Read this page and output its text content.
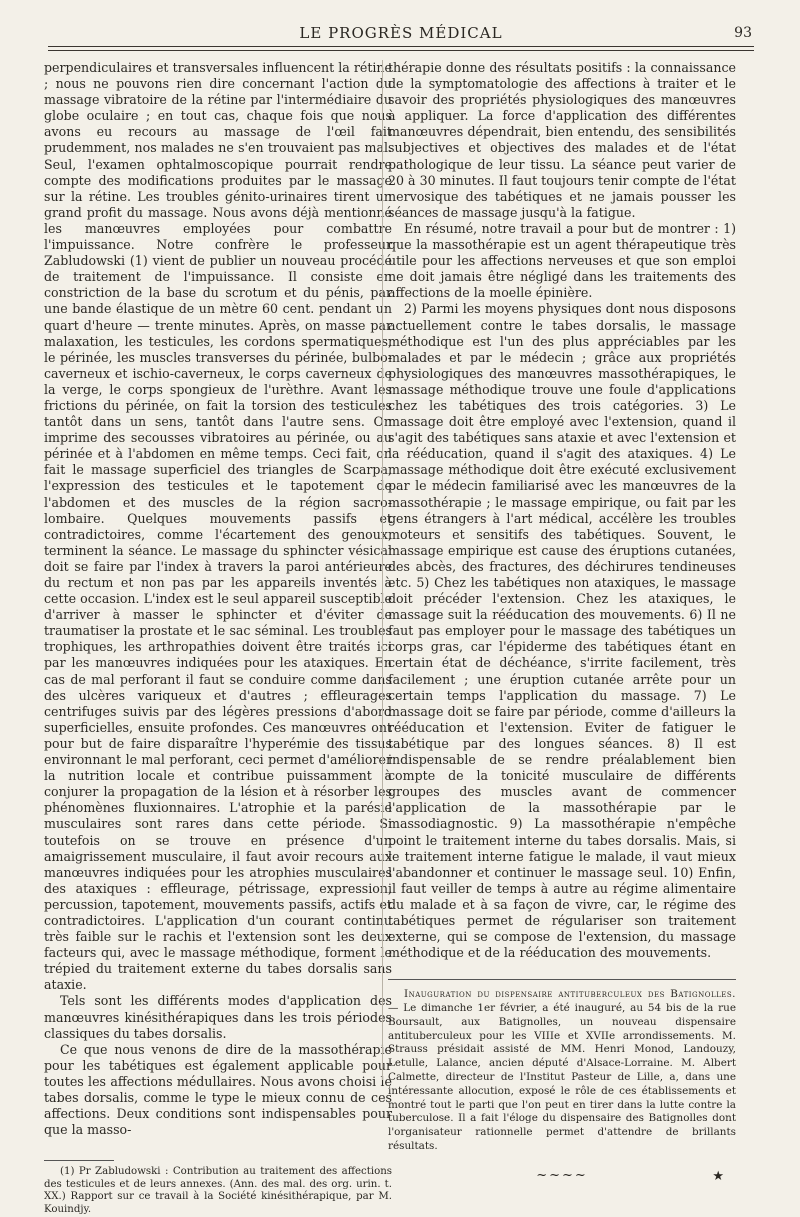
LE PROGRÈS MÉDICAL	93

perpendiculaires et transversales influencent la rétine ; nous ne pouvons rien dire concernant l'action du massage vibratoire de la rétine par l'intermédiaire du globe oculaire ; en tout cas, chaque fois que nous avons eu recours au massage de l'œil fait prudemment, nos malades ne s'en trouvaient pas mal. Seul, l'examen ophtalmoscopique pourrait rendre compte des modifications produites par le massage sur la rétine. Les troubles génito-urinaires tirent un grand profit du massage. Nous avons déjà mentionné les manœuvres employées pour combattre l'impuissance. Notre confrère le professeur Zabludowski (1) vient de publier un nouveau procédé de traitement de l'impuissance. Il consiste en constriction de la base du scrotum et du pénis, par une bande élastique de un mètre 60 cent. pendant un quart d'heure — trente minutes. Après, on masse par malaxation, les testicules, les cordons spermatiques, le périnée, les muscles transverses du périnée, bulbo-caverneux et ischio-caverneux, le corps caverneux de la verge, le corps spongieux de l'urèthre. Avant les frictions du périnée, on fait la torsion des testicules tantôt dans un sens, tantôt dans l'autre sens. On imprime des secousses vibratoires au périnée, ou au périnée et à l'abdomen en même temps. Ceci fait, on fait le massage superficiel des triangles de Scarpa, l'expression des testicules et le tapotement de l'abdomen et des muscles de la région sacro-lombaire. Quelques mouvements passifs et contradictoires, comme l'écartement des genoux, terminent la séance. Le massage du sphincter vésical doit se faire par l'index à travers la paroi antérieure du rectum et non pas par les appareils inventés à cette occasion. L'index est le seul appareil susceptible d'arriver à masser le sphincter et d'éviter de traumatiser la prostate et le sac séminal. Les troubles trophiques, les arthropathies doivent être traités ici par les manœuvres indiquées pour les ataxiques. En cas de mal perforant il faut se conduire comme dans des ulcères variqueux et d'autres ; effleurages centrifuges suivis par des légères pressions d'abord superficielles, ensuite profondes. Ces manœuvres ont pour but de faire disparaître l'hyperémie des tissus environnant le mal perforant, ceci permet d'améliorer la nutrition locale et contribue puissamment à conjurer la propagation de la lésion et à résorber les phénomènes fluxionnaires. L'atrophie et la parésie musculaires sont rares dans cette période. Si toutefois on se trouve en présence d'un amaigrissement musculaire, il faut avoir recours aux manœuvres indiquées pour les atrophies musculaires des ataxiques : effleurage, pétrissage, expression, percussion, tapotement, mouvements passifs, actifs et contradictoires. L'application d'un courant continu très faible sur le rachis et l'extension sont les deux facteurs qui, avec le massage méthodique, forment le trépied du traitement externe du tabes dorsalis sans ataxie.

Tels sont les différents modes d'application des manœuvres kinésithérapiques dans les trois périodes classiques du tabes dorsalis.

Ce que nous venons de dire de la massothérapie pour les tabétiques est également applicable pour toutes les affections médullaires. Nous avons choisi le tabes dorsalis, comme le type le mieux connu de ces affections. Deux conditions sont indispensables pour que la masso-

(1) Pr Zabludowski : Contribution au traitement des affections des testicules et de leurs annexes. (Ann. des mal. des org. urin. t. XX.) Rapport sur ce travail à la Société kinésithérapique, par M. Kouindjy.

thérapie donne des résultats positifs : la connaissance de la symptomatologie des affections à traiter et le savoir des propriétés physiologiques des manœuvres à appliquer. La force d'application des différentes manœuvres dépendrait, bien entendu, des sensibilités subjectives et objectives des malades et de l'état pathologique de leur tissu. La séance peut varier de 20 à 30 minutes. Il faut toujours tenir compte de l'état nervosique des tabétiques et ne jamais pousser les séances de massage jusqu'à la fatigue.

En résumé, notre travail a pour but de montrer : 1) que la massothérapie est un agent thérapeutique très utile pour les affections nerveuses et que son emploi ne doit jamais être négligé dans les traitements des affections de la moelle épinière.

2) Parmi les moyens physiques dont nous disposons actuellement contre le tabes dorsalis, le massage méthodique est l'un des plus appréciables par les malades et par le médecin ; grâce aux propriétés physiologiques des manœuvres massothérapiques, le massage méthodique trouve une foule d'applications chez les tabétiques des trois catégories. 3) Le massage doit être employé avec l'extension, quand il s'agit des tabétiques sans ataxie et avec l'extension et la rééducation, quand il s'agit des ataxiques. 4) Le massage méthodique doit être exécuté exclusivement par le médecin familiarisé avec les manœuvres de la massothérapie ; le massage empirique, ou fait par les gens étrangers à l'art médical, accélère les troubles moteurs et sensitifs des tabétiques. Souvent, le massage empirique est cause des éruptions cutanées, des abcès, des fractures, des déchirures tendineuses etc. 5) Chez les tabétiques non ataxiques, le massage doit précéder l'extension. Chez les ataxiques, le massage suit la rééducation des mouvements. 6) Il ne faut pas employer pour le massage des tabétiques un corps gras, car l'épiderme des tabétiques étant en certain état de déchéance, s'irrite facilement, très facilement ; une éruption cutanée arrête pour un certain temps l'application du massage. 7) Le massage doit se faire par période, comme d'ailleurs la rééducation et l'extension. Eviter de fatiguer le tabétique par des longues séances. 8) Il est indispensable de se rendre préalablement bien compte de la tonicité musculaire de différents groupes des muscles avant de commencer l'application de la massothérapie par le massodiagnostic. 9) La massothérapie n'empêche point le traitement interne du tabes dorsalis. Mais, si le traitement interne fatigue le malade, il vaut mieux l'abandonner et continuer le massage seul. 10) Enfin, il faut veiller de temps à autre au régime alimentaire du malade et à sa façon de vivre, car, le régime des tabétiques permet de régulariser son traitement externe, qui se compose de l'extension, du massage méthodique et de la rééducation des mouvements.

Inauguration du dispensaire antituberculeux des Batignolles. — Le dimanche 1er février, a été inauguré, au 54 bis de la rue Boursault, aux Batignolles, un nouveau dispensaire antituberculeux pour les VIIIe et XVIIe arrondissements. M. Strauss présidait assisté de MM. Henri Monod, Landouzy, Letulle, Lalance, ancien député d'Alsace-Lorraine. M. Albert Calmette, directeur de l'Institut Pasteur de Lille, a, dans une intéressante allocution, exposé le rôle de ces établissements et montré tout le parti que l'on peut en tirer dans la lutte contre la tuberculose. Il a fait l'éloge du dispensaire des Batignolles dont l'organisateur rationnelle permet d'attendre de brillants résultats.

~~~~	★
